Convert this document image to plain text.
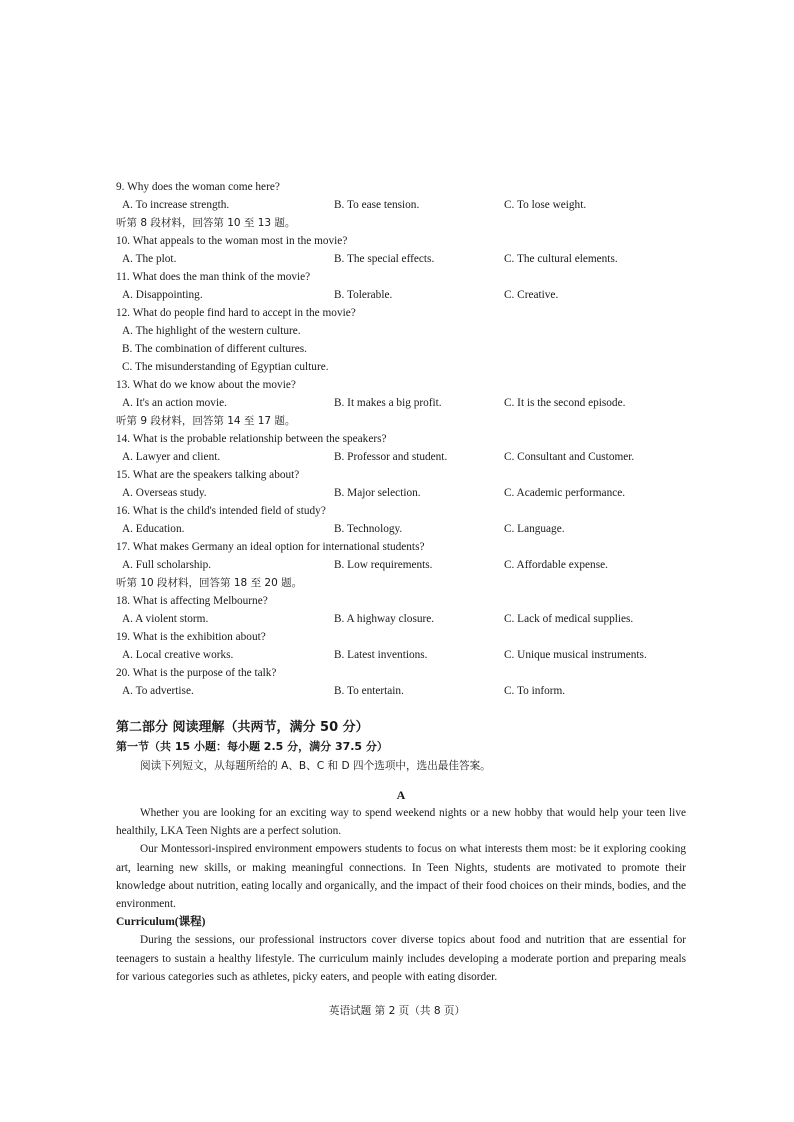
9. Why does the woman come here?
A. To increase strength.	B. To ease tension.	C. To lose weight.
听第 8 段材料，回答第 10 至 13 题。
10. What appeals to the woman most in the movie?
A. The plot.	B. The special effects.	C. The cultural elements.
11. What does the man think of the movie?
A. Disappointing.	B. Tolerable.	C. Creative.
12. What do people find hard to accept in the movie?
A. The highlight of the western culture.
B. The combination of different cultures.
C. The misunderstanding of Egyptian culture.
13. What do we know about the movie?
A. It's an action movie.	B. It makes a big profit.	C. It is the second episode.
听第 9 段材料，回答第 14 至 17 题。
14. What is the probable relationship between the speakers?
A. Lawyer and client.	B. Professor and student.	C. Consultant and Customer.
15. What are the speakers talking about?
A. Overseas study.	B. Major selection.	C. Academic performance.
16. What is the child's intended field of study?
A. Education.	B. Technology.	C. Language.
17. What makes Germany an ideal option for international students?
A. Full scholarship.	B. Low requirements.	C. Affordable expense.
听第 10 段材料，回答第 18 至 20 题。
18. What is affecting Melbourne?
A. A violent storm.	B. A highway closure.	C. Lack of medical supplies.
19. What is the exhibition about?
A. Local creative works.	B. Latest inventions.	C. Unique musical instruments.
20. What is the purpose of the talk?
A. To advertise.	B. To entertain.	C. To inform.
第二部分 阅读理解（共两节，满分 50 分）
第一节（共 15 小题：每小题 2.5 分，满分 37.5 分）
阅读下列短文，从每题所给的 A、B、C 和 D 四个选项中，选出最佳答案。
A

Whether you are looking for an exciting way to spend weekend nights or a new hobby that would help your teen live healthily, LKA Teen Nights are a perfect solution.

Our Montessori-inspired environment empowers students to focus on what interests them most: be it exploring cooking art, learning new skills, or making meaningful connections. In Teen Nights, students are motivated to promote their knowledge about nutrition, eating locally and organically, and the impact of their food choices on their minds, bodies, and the environment.

Curriculum(课程)

During the sessions, our professional instructors cover diverse topics about food and nutrition that are essential for teenagers to sustain a healthy lifestyle. The curriculum mainly includes developing a moderate portion and preparing meals for various categories such as athletes, picky eaters, and people with eating disorder.

英语试题 第 2 页（共 8 页）
